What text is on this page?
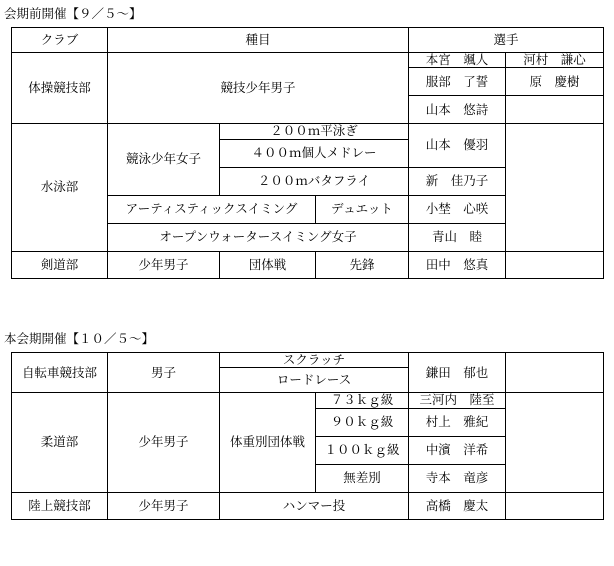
会期前開催【９／５〜】
クラブ	種目			選手	
体操競技部	競技少年男子			本宮　颯人	河村　謙心
				服部　了誓	原　慶樹
				山本　悠詩	
水泳部	競泳少年女子	２００ｍ平泳ぎ		山本　優羽	
		４００ｍ個人メドレー			
		２００ｍバタフライ		新　佳乃子	
	アーティスティックスイミング		デュエット	小埜　心咲	
	オープンウォータースイミング女子			青山　睦	
剣道部	少年男子	団体戦	先鋒	田中　悠真	
本会期開催【１０／５〜】
自転車競技部	男子	スクラッチ		鎌田　郁也	
		ロードレース			
柔道部	少年男子	体重別団体戦	７３ｋｇ級	三河内　陸至	
			９０ｋｇ級	村上　雅紀	
			１００ｋｇ級	中濱　洋希	
			無差別	寺本　竜彦	
陸上競技部	少年男子	ハンマー投		高橋　慶太	
